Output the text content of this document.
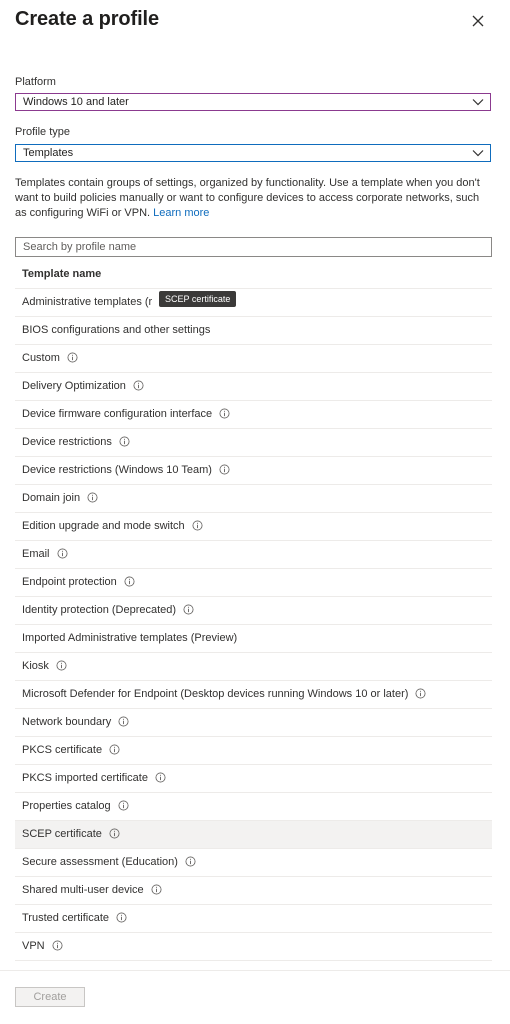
Create a profile
Platform
Windows 10 and later
Profile type
Templates
Templates contain groups of settings, organized by functionality. Use a template when you don't want to build policies manually or want to configure devices to access corporate networks, such as configuring WiFi or VPN. Learn more
Search by profile name
Template name
Administrative templates (r
BIOS configurations and other settings
Custom
Delivery Optimization
Device firmware configuration interface
Device restrictions
Device restrictions (Windows 10 Team)
Domain join
Edition upgrade and mode switch
Email
Endpoint protection
Identity protection (Deprecated)
Imported Administrative templates (Preview)
Kiosk
Microsoft Defender for Endpoint (Desktop devices running Windows 10 or later)
Network boundary
PKCS certificate
PKCS imported certificate
Properties catalog
SCEP certificate
Secure assessment (Education)
Shared multi-user device
Trusted certificate
VPN
SCEP certificate
Create
